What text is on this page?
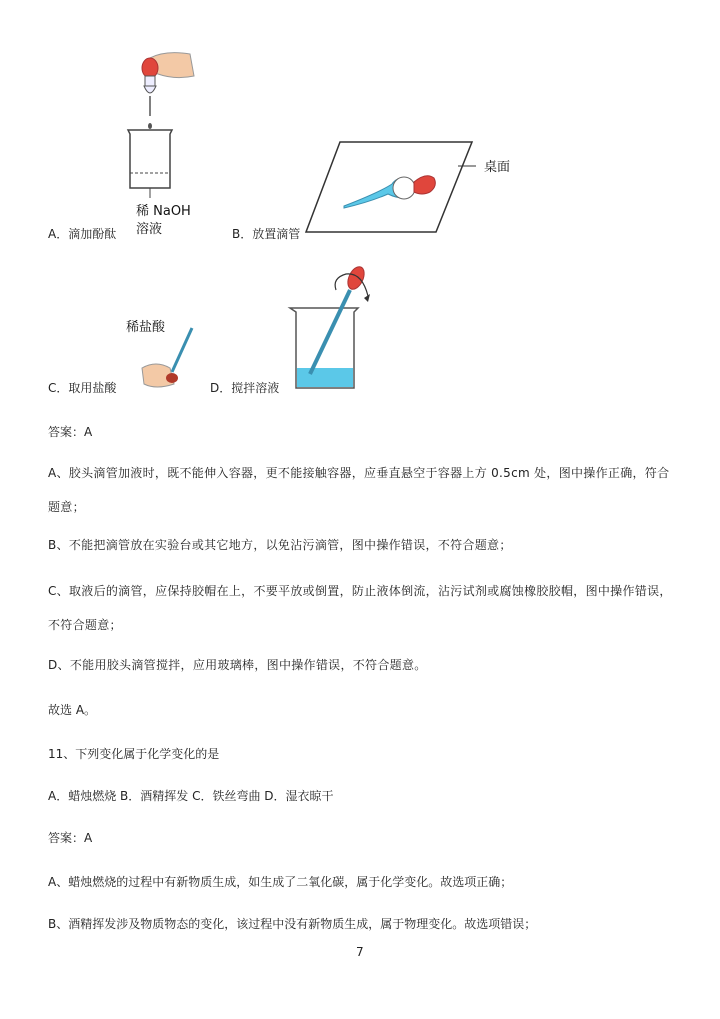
稀 NaOH
溶液
A．滴加酚酞
桌面
B．放置滴管
稀盐酸
C．取用盐酸	D．搅拌溶液
答案：A
A、胶头滴管加液时，既不能伸入容器，更不能接触容器，应垂直悬空于容器上方 0.5cm 处，图中操作正确，符合题意；
B、不能把滴管放在实验台或其它地方，以免沾污滴管，图中操作错误，不符合题意；
C、取液后的滴管，应保持胶帽在上，不要平放或倒置，防止液体倒流，沾污试剂或腐蚀橡胶胶帽，图中操作错误，不符合题意；
D、不能用胶头滴管搅拌，应用玻璃棒，图中操作错误，不符合题意。
故选 A。
11、下列变化属于化学变化的是
A．蜡烛燃烧 B．酒精挥发 C．铁丝弯曲 D．湿衣晾干
答案：A
A、蜡烛燃烧的过程中有新物质生成，如生成了二氧化碳，属于化学变化。故选项正确；
B、酒精挥发涉及物质物态的变化，该过程中没有新物质生成，属于物理变化。故选项错误；
7
